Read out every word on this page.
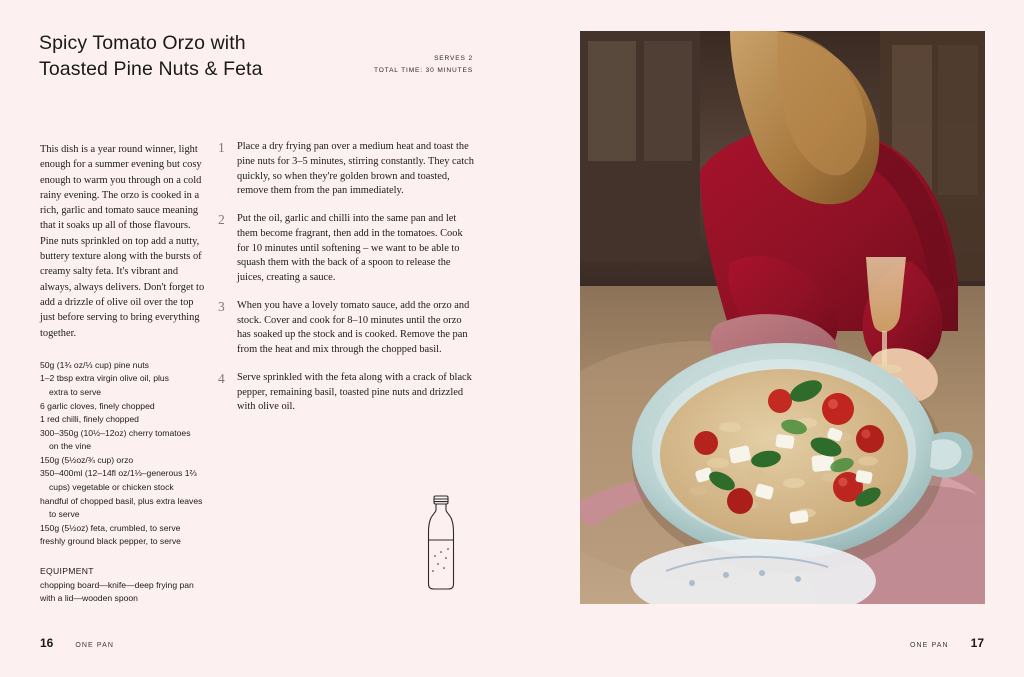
Spicy Tomato Orzo with
Toasted Pine Nuts & Feta	SERVES 2
TOTAL TIME: 30 MINUTES

This dish is a year round winner, light enough for a summer evening but cosy enough to warm you through on a cold rainy evening. The orzo is cooked in a rich, garlic and tomato sauce meaning that it soaks up all of those flavours. Pine nuts sprinkled on top add a nutty, buttery texture along with the bursts of creamy salty feta. It's vibrant and always, always delivers. Don't forget to add a drizzle of olive oil over the top just before serving to bring everything together.

50g (1¾ oz/⅓ cup) pine nuts
1–2 tbsp extra virgin olive oil, plus
extra to serve
6 garlic cloves, finely chopped
1 red chilli, finely chopped
300–350g (10½–12oz) cherry tomatoes
on the vine
150g (5½oz/¾ cup) orzo
350–400ml (12–14fl oz/1⅓–generous 1⅔
cups) vegetable or chicken stock
handful of chopped basil, plus extra leaves
to serve
150g (5½oz) feta, crumbled, to serve
freshly ground black pepper, to serve
EQUIPMENT
chopping board—knife—deep frying pan
with a lid—wooden spoon
1	Place a dry frying pan over a medium heat and toast the pine nuts for 3–5 minutes, stirring constantly. They catch quickly, so when they're golden brown and toasted, remove them from the pan immediately.
2	Put the oil, garlic and chilli into the same pan and let them become fragrant, then add in the tomatoes. Cook for 10 minutes until softening – we want to be able to squash them with the back of a spoon to release the juices, creating a sauce.
3	When you have a lovely tomato sauce, add the orzo and stock. Cover and cook for 8–10 minutes until the orzo has soaked up the stock and is cooked. Remove the pan from the heat and mix through the chopped basil.
4	Serve sprinkled with the feta along with a crack of black pepper, remaining basil, toasted pine nuts and drizzled with olive oil.
16	ONE PAN	ONE PAN 17
